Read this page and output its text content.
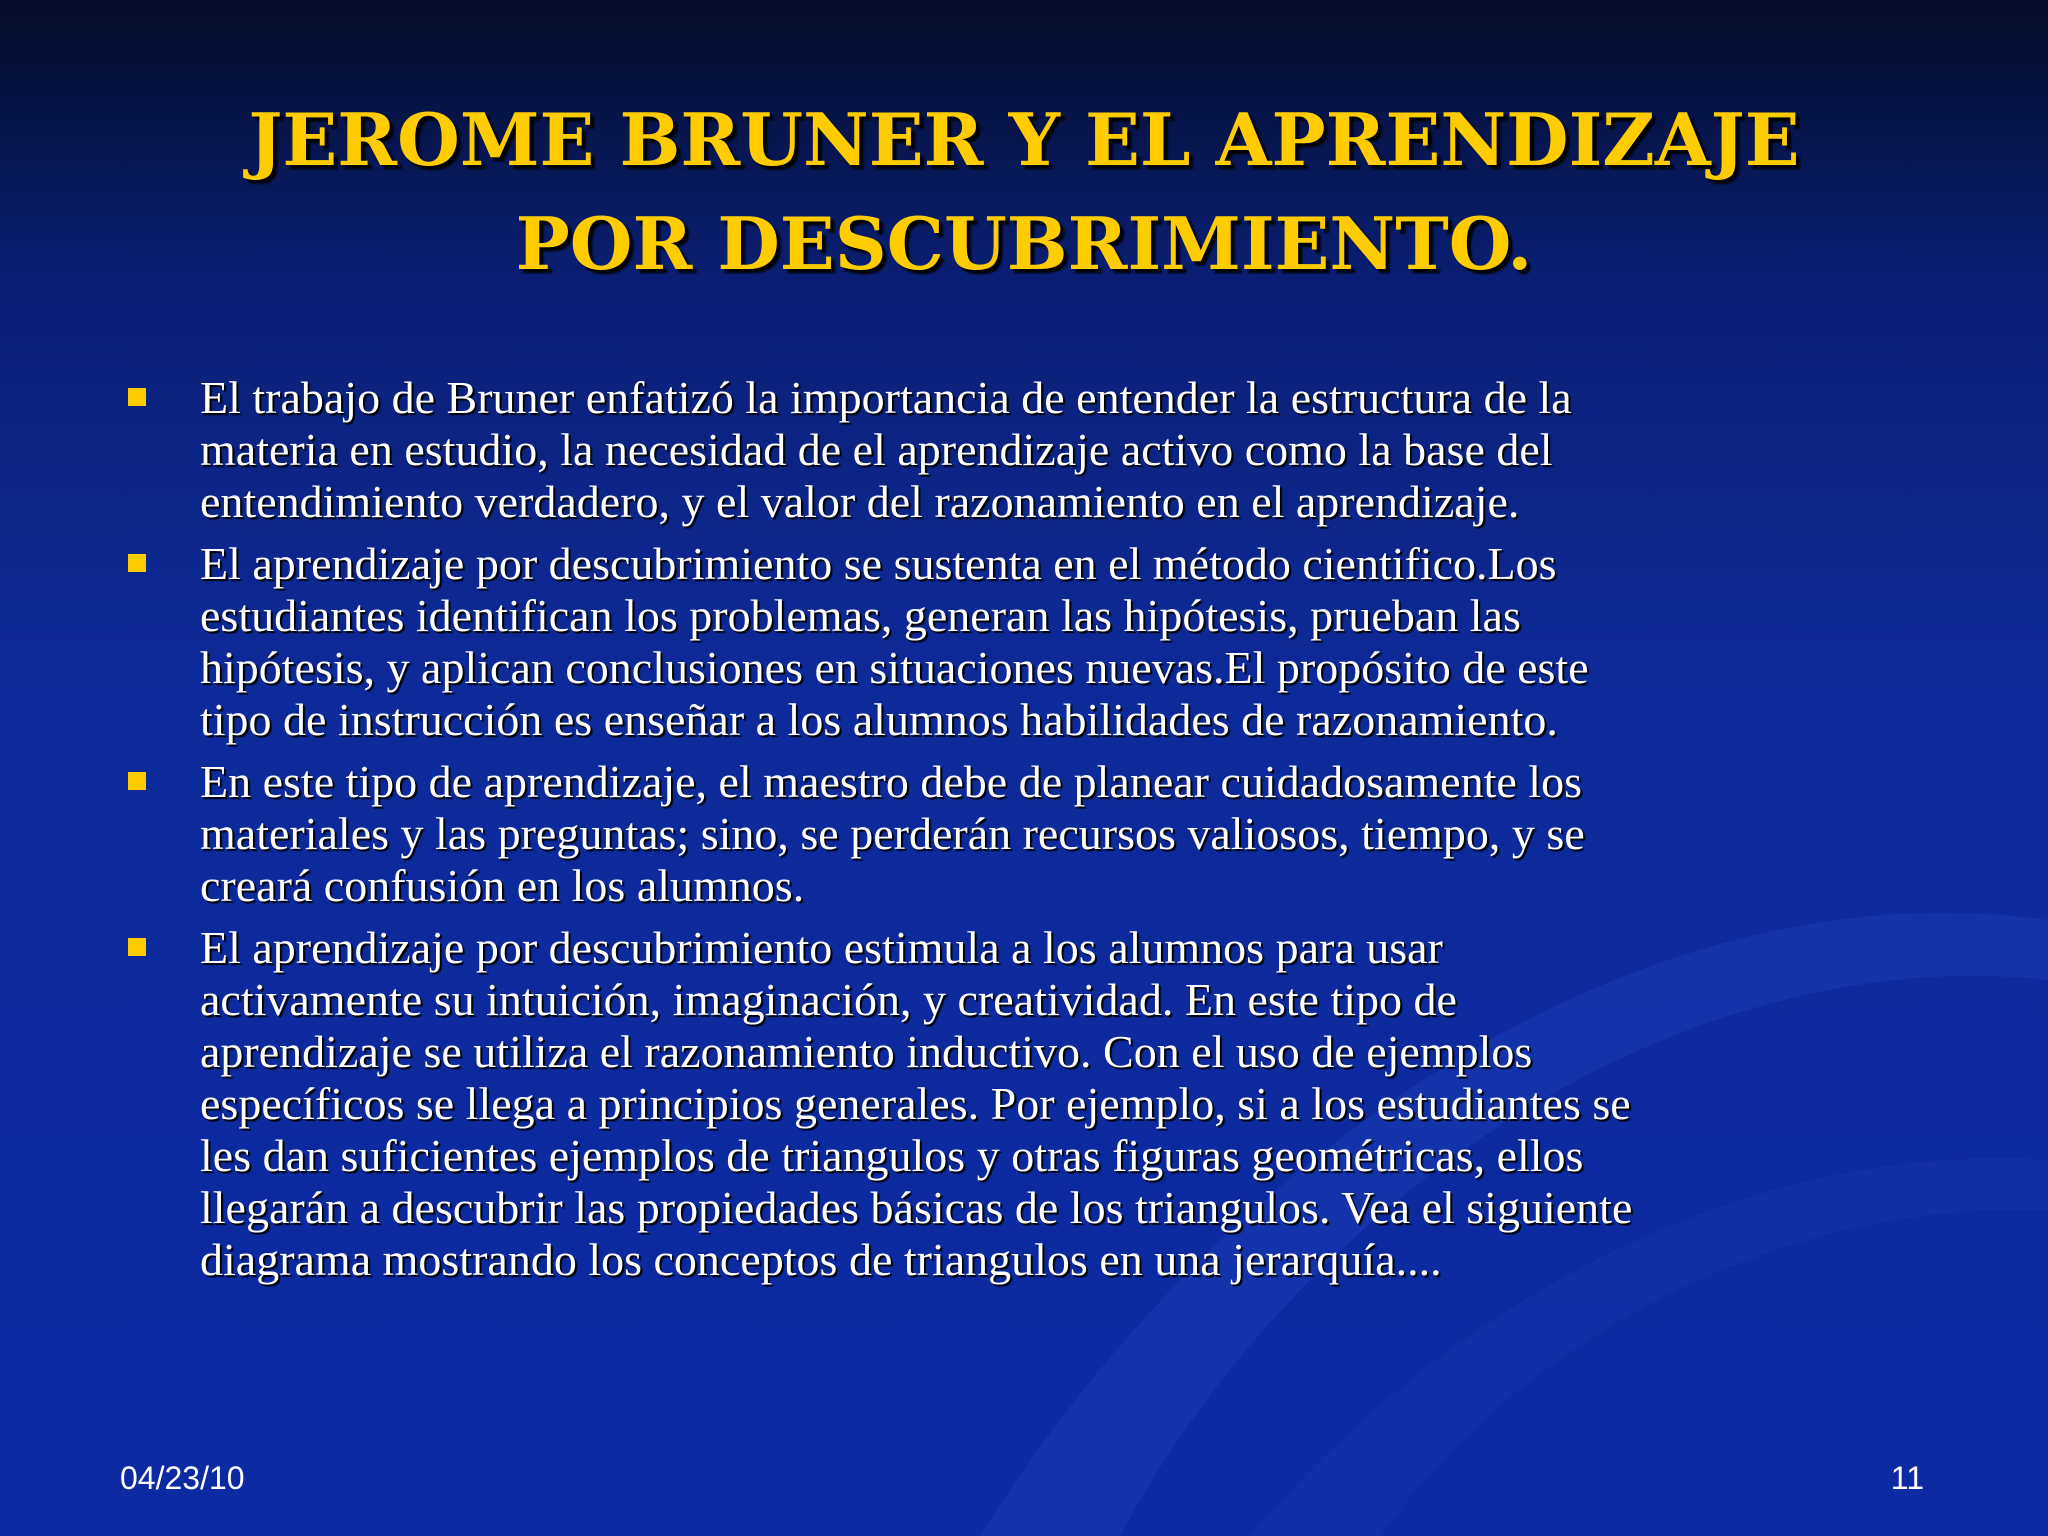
JEROME BRUNER Y EL APRENDIZAJE
POR DESCUBRIMIENTO.
El trabajo de Bruner enfatizó la importancia de entender la estructura de la
materia en estudio, la necesidad de el aprendizaje activo como la base del
entendimiento verdadero, y el valor del razonamiento en el aprendizaje.
El aprendizaje por descubrimiento se sustenta en el método cientifico.Los
estudiantes identifican los problemas, generan las hipótesis, prueban las
hipótesis, y aplican conclusiones en situaciones nuevas.El propósito de este
tipo de instrucción es enseñar a los alumnos habilidades de razonamiento.
En este tipo de aprendizaje, el maestro debe de planear cuidadosamente los
materiales y las preguntas; sino, se perderán recursos valiosos, tiempo, y se
creará confusión en los alumnos.
El aprendizaje por descubrimiento estimula a los alumnos para usar
activamente su intuición, imaginación, y creatividad. En este tipo de
aprendizaje se utiliza el razonamiento inductivo. Con el uso de ejemplos
específicos se llega a principios generales. Por ejemplo, si a los estudiantes se
les dan suficientes ejemplos de triangulos y otras figuras geométricas, ellos
llegarán a descubrir las propiedades básicas de los triangulos. Vea el siguiente
diagrama mostrando los conceptos de triangulos en una jerarquía....
04/23/10	11
